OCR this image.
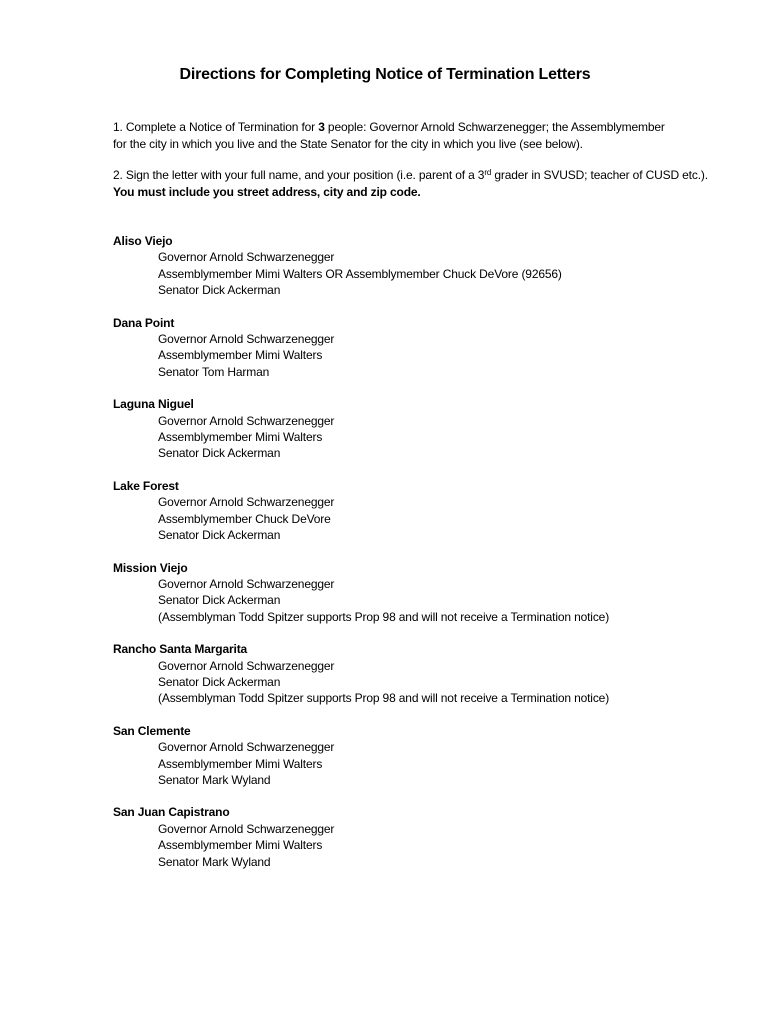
Directions for Completing Notice of Termination Letters
1. Complete a Notice of Termination for 3 people: Governor Arnold Schwarzenegger; the Assemblymember
for the city in which you live and the State Senator for the city in which you live (see below).
2. Sign the letter with your full name, and your position (i.e. parent of a 3rd grader in SVUSD; teacher of CUSD etc.).
You must include you street address, city and zip code.
Aliso Viejo
Governor Arnold Schwarzenegger
Assemblymember Mimi Walters OR Assemblymember Chuck DeVore (92656)
Senator Dick Ackerman
Dana Point
Governor Arnold Schwarzenegger
Assemblymember Mimi Walters
Senator Tom Harman
Laguna Niguel
Governor Arnold Schwarzenegger
Assemblymember Mimi Walters
Senator Dick Ackerman
Lake Forest
Governor Arnold Schwarzenegger
Assemblymember Chuck DeVore
Senator Dick Ackerman
Mission Viejo
Governor Arnold Schwarzenegger
Senator Dick Ackerman
(Assemblyman Todd Spitzer supports Prop 98 and will not receive a Termination notice)
Rancho Santa Margarita
Governor Arnold Schwarzenegger
Senator Dick Ackerman
(Assemblyman Todd Spitzer supports Prop 98 and will not receive a Termination notice)
San Clemente
Governor Arnold Schwarzenegger
Assemblymember Mimi Walters
Senator Mark Wyland
San Juan Capistrano
Governor Arnold Schwarzenegger
Assemblymember Mimi Walters
Senator Mark Wyland
